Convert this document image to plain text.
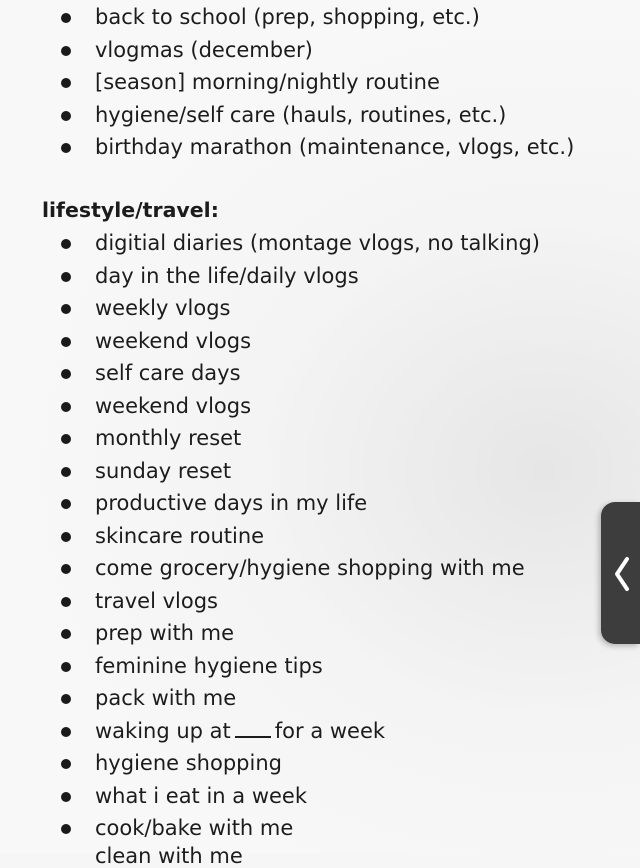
back to school (prep, shopping, etc.)
vlogmas (december)
[season] morning/nightly routine
hygiene/self care (hauls, routines, etc.)
birthday marathon (maintenance, vlogs, etc.)
lifestyle/travel:
digitial diaries (montage vlogs, no talking)
day in the life/daily vlogs
weekly vlogs
weekend vlogs
self care days
weekend vlogs
monthly reset
sunday reset
productive days in my life
skincare routine
come grocery/hygiene shopping with me
travel vlogs
prep with me
feminine hygiene tips
pack with me
waking up at for a week
hygiene shopping
what i eat in a week
cook/bake with me
clean with me
